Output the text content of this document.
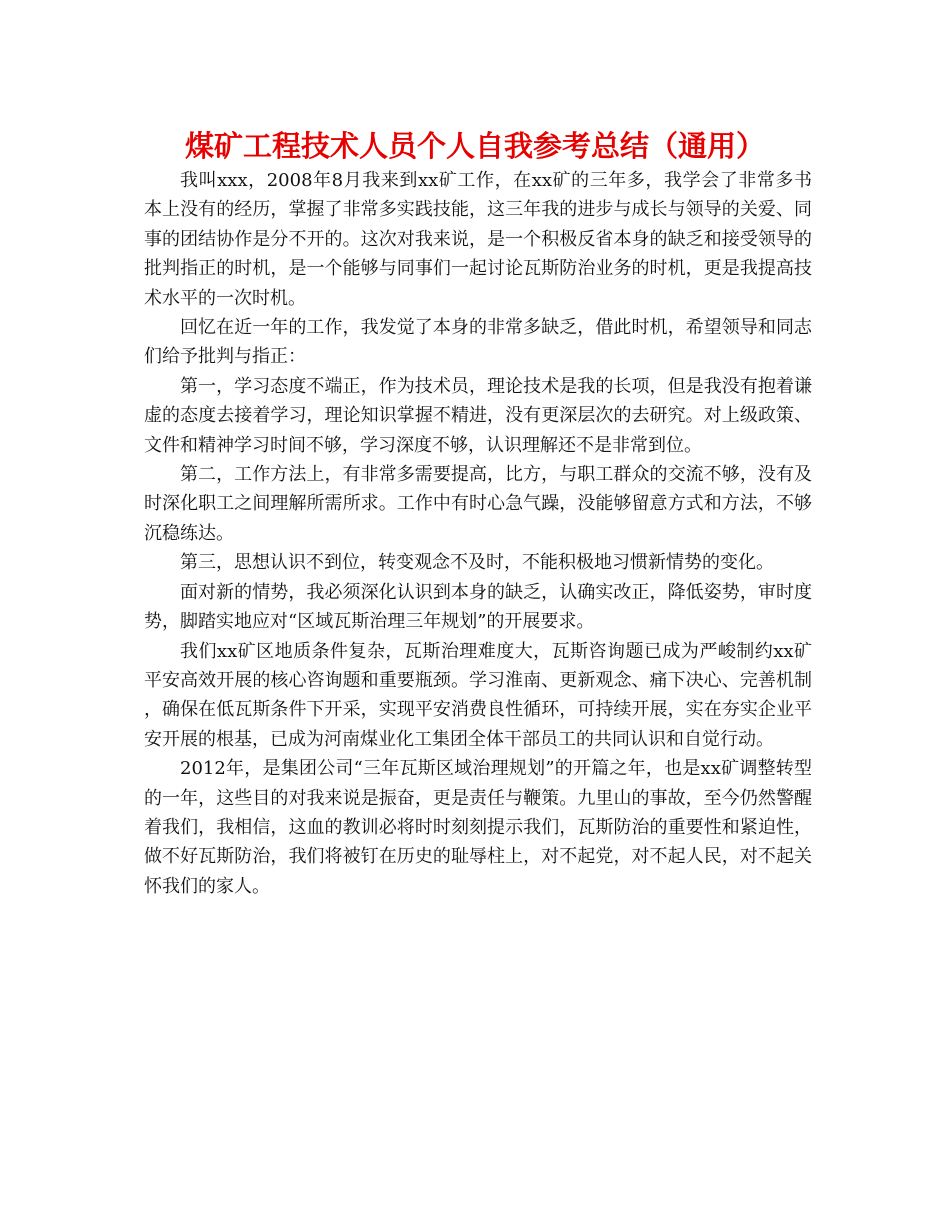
煤矿工程技术人员个人自我参考总结（通用）

我叫xxx，2008年8月我来到xx矿工作，在xx矿的三年多，我学会了非常多书本上没有的经历，掌握了非常多实践技能，这三年我的进步与成长与领导的关爱、同事的团结协作是分不开的。这次对我来说，是一个积极反省本身的缺乏和接受领导的批判指正的时机，是一个能够与同事们一起讨论瓦斯防治业务的时机，更是我提高技术水平的一次时机。

回忆在近一年的工作，我发觉了本身的非常多缺乏，借此时机，希望领导和同志们给予批判与指正：

第一，学习态度不端正，作为技术员，理论技术是我的长项，但是我没有抱着谦虚的态度去接着学习，理论知识掌握不精进，没有更深层次的去研究。对上级政策、文件和精神学习时间不够，学习深度不够，认识理解还不是非常到位。

第二，工作方法上，有非常多需要提高，比方，与职工群众的交流不够，没有及时深化职工之间理解所需所求。工作中有时心急气躁，没能够留意方式和方法，不够沉稳练达。

第三，思想认识不到位，转变观念不及时，不能积极地习惯新情势的变化。

面对新的情势，我必须深化认识到本身的缺乏，认确实改正，降低姿势，审时度势，脚踏实地应对“区域瓦斯治理三年规划”的开展要求。

我们xx矿区地质条件复杂，瓦斯治理难度大，瓦斯咨询题已成为严峻制约xx矿平安高效开展的核心咨询题和重要瓶颈。学习淮南、更新观念、痛下决心、完善机制，确保在低瓦斯条件下开采，实现平安消费良性循环，可持续开展，实在夯实企业平安开展的根基，已成为河南煤业化工集团全体干部员工的共同认识和自觉行动。

2012年，是集团公司“三年瓦斯区域治理规划”的开篇之年，也是xx矿调整转型的一年，这些目的对我来说是振奋，更是责任与鞭策。九里山的事故，至今仍然警醒着我们，我相信，这血的教训必将时时刻刻提示我们，瓦斯防治的重要性和紧迫性，做不好瓦斯防治，我们将被钉在历史的耻辱柱上，对不起党，对不起人民，对不起关怀我们的家人。
